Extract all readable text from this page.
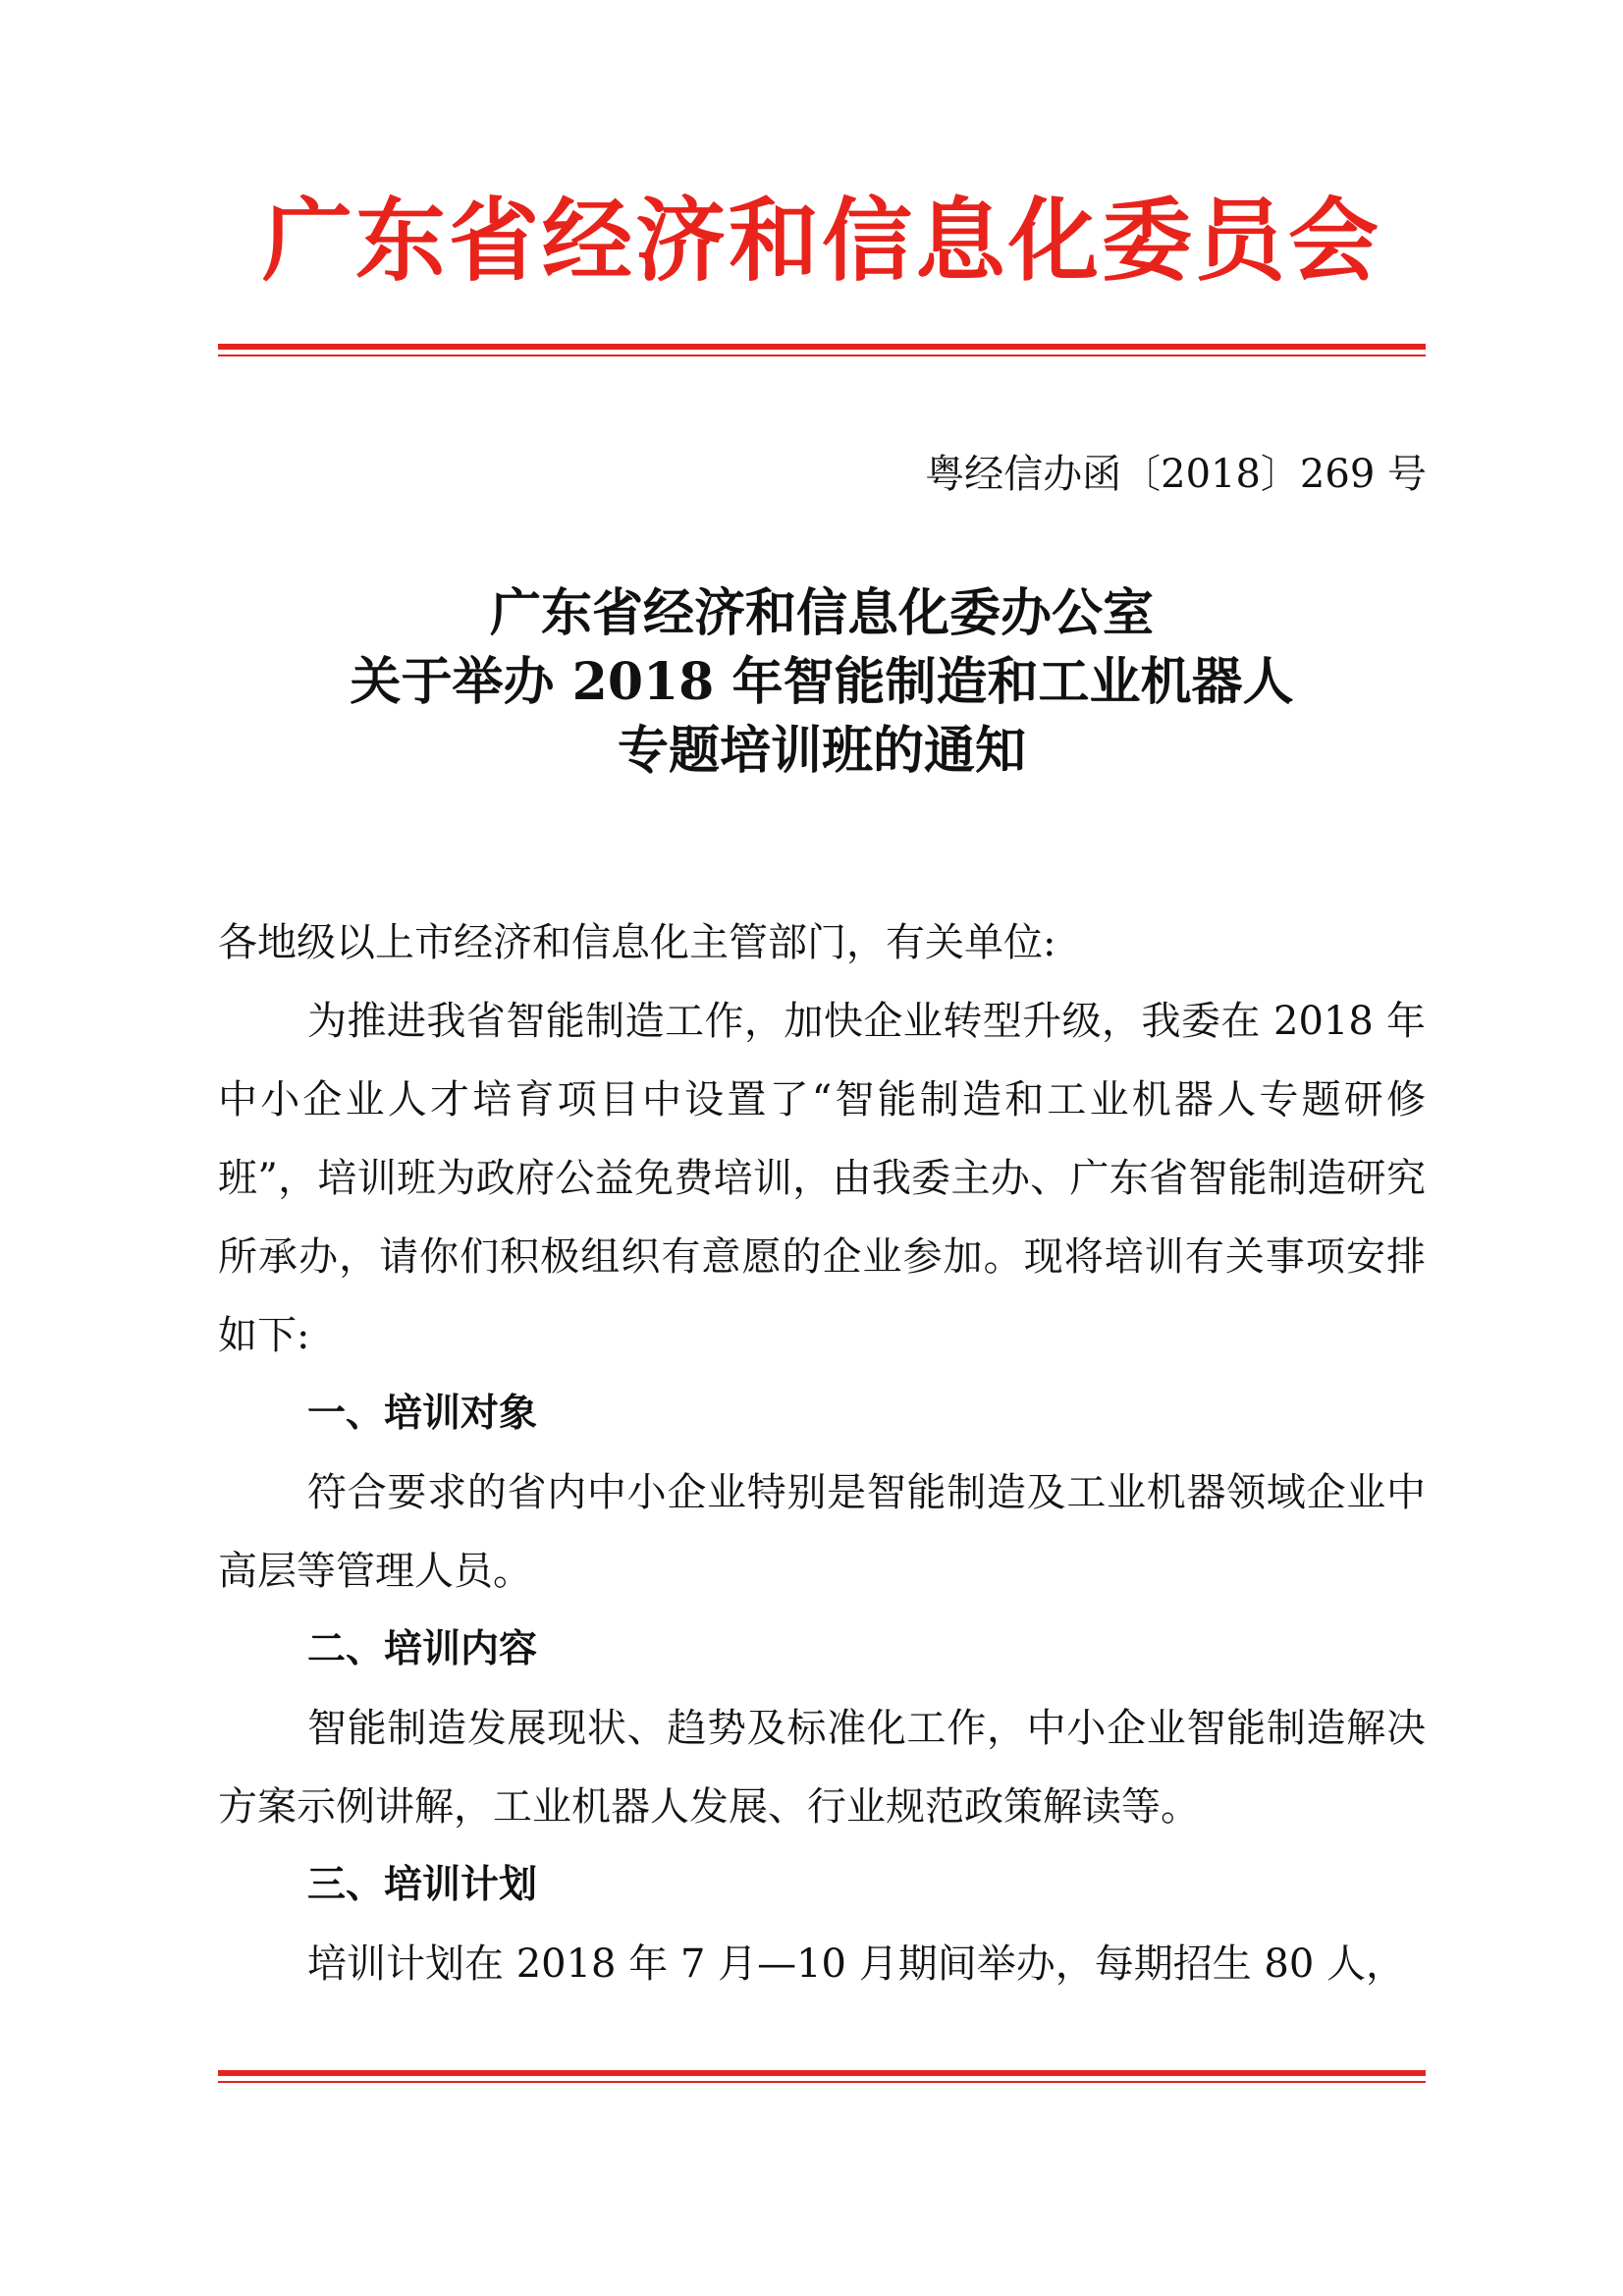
广东省经济和信息化委员会
粤经信办函〔2018〕269 号
广东省经济和信息化委办公室
关于举办 2018 年智能制造和工业机器人
专题培训班的通知

各地级以上市经济和信息化主管部门，有关单位:

为推进我省智能制造工作，加快企业转型升级，我委在 2018 年中小企业人才培育项目中设置了“智能制造和工业机器人专题研修班”，培训班为政府公益免费培训，由我委主办、广东省智能制造研究所承办，请你们积极组织有意愿的企业参加。现将培训有关事项安排如下:

一、培训对象

符合要求的省内中小企业特别是智能制造及工业机器领域企业中高层等管理人员。

二、培训内容

智能制造发展现状、趋势及标准化工作，中小企业智能制造解决方案示例讲解，工业机器人发展、行业规范政策解读等。

三、培训计划

培训计划在 2018 年 7 月—10 月期间举办，每期招生 80 人，
